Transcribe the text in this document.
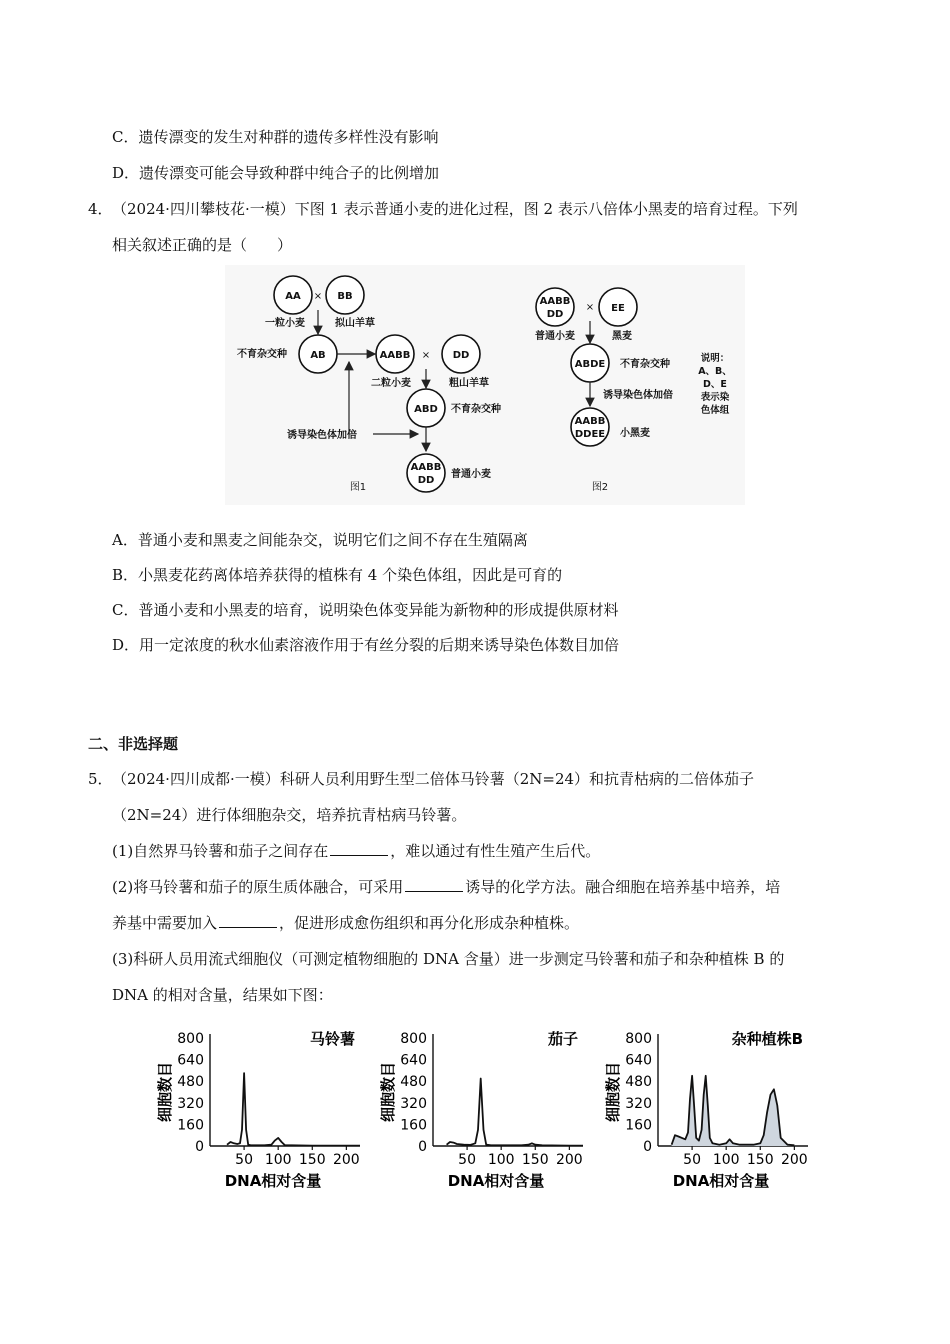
C．遗传漂变的发生对种群的遗传多样性没有影响
D．遗传漂变可能会导致种群中纯合子的比例增加
4． （2024·四川攀枝花·一模）下图 1 表示普通小麦的进化过程，图 2 表示八倍体小黑麦的培育过程。下列
相关叙述正确的是（　　）
AA × BB
一粒小麦	拟山羊草
不育杂交种 AB	AABB × DD
二粒小麦	粗山羊草
ABD 不育杂交种
诱导染色体加倍
AABB
DD
普通小麦
图1
AABB
DD
× EE
普通小麦	黑麦
ABDE 不育杂交种
诱导染色体加倍
AABB
DDEE 小黑麦
图2
说明：
A、B、
D、E
表示染
色体组
A．普通小麦和黑麦之间能杂交，说明它们之间不存在生殖隔离
B．小黑麦花药离体培养获得的植株有 4 个染色体组，因此是可育的
C．普通小麦和小黑麦的培育，说明染色体变异能为新物种的形成提供原材料
D．用一定浓度的秋水仙素溶液作用于有丝分裂的后期来诱导染色体数目加倍
二、非选择题
5． （2024·四川成都·一模）科研人员利用野生型二倍体马铃薯（2N=24）和抗青枯病的二倍体茄子
（2N=24）进行体细胞杂交，培养抗青枯病马铃薯。
(1)自然界马铃薯和茄子之间存在	，难以通过有性生殖产生后代。
(2)将马铃薯和茄子的原生质体融合，可采用	诱导的化学方法。融合细胞在培养基中培养，培
养基中需要加入	，促进形成愈伤组织和再分化形成杂种植株。
(3)科研人员用流式细胞仪（可测定植物细胞的 DNA 含量）进一步测定马铃薯和茄子和杂种植株 B 的
DNA 的相对含量，结果如下图：
马铃薯
细胞数目
0
160
320
480
640
800
50 100 150 200
DNA相对含量
茄子
细胞数目
0
160
320
480
640
800
50 100 150 200
DNA相对含量
杂种植株B
细胞数目
0
160
320
480
640
800
50 100 150 200
DNA相对含量
